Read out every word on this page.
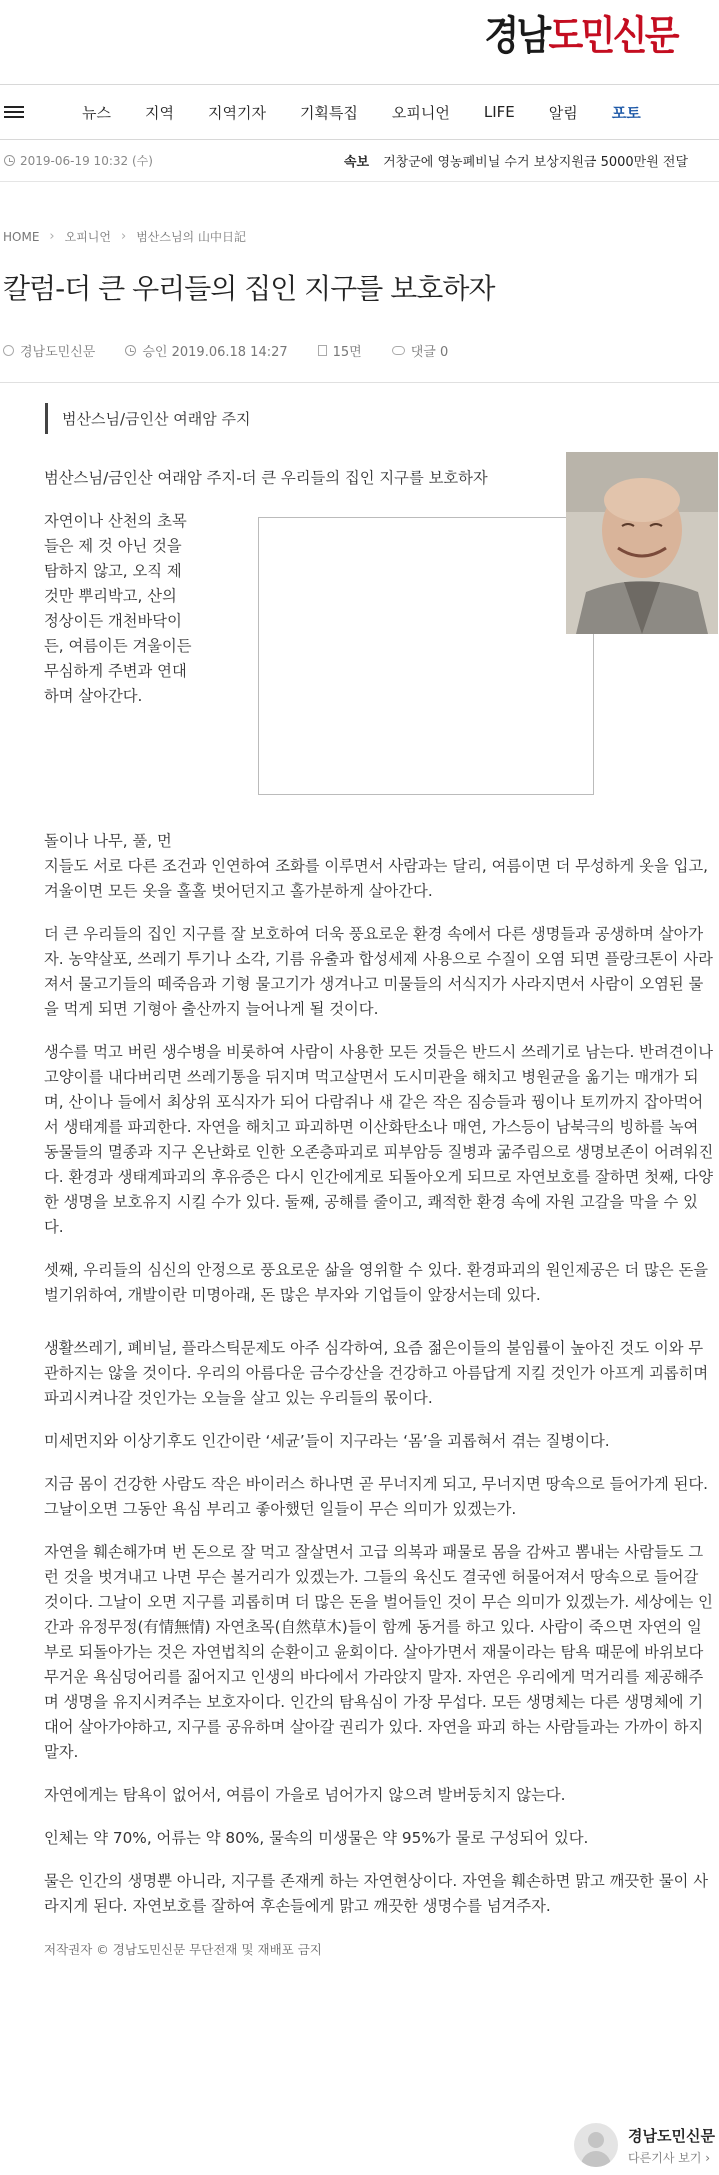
경남도민신문
뉴스	지역	지역기자	기획특집	오피니언	LIFE	알림	포토
2019-06-19 10:32 (수)	속보 거창군에 영농폐비닐 수거 보상지원금 5000만원 전달
HOME › 오피니언 › 범산스님의 山中日記
칼럼-더 큰 우리들의 집인 지구를 보호하자
경남도민신문	승인 2019.06.18 14:27	15면	댓글 0
범산스님/금인산 여래암 주지
범산스님/금인산 여래암 주지-더 큰 우리들의 집인 지구를 보호하자
자연이나 산천의 초목들은 제 것 아닌 것을 탐하지 않고, 오직 제 것만 뿌리박고, 산의 정상이든 개천바닥이든, 여름이든 겨울이든 무심하게 주변과 연대하며 살아간다.
돌이나 나무, 풀, 먼
지들도 서로 다른 조건과 인연하여 조화를 이루면서 사람과는 달리, 여름이면 더 무성하게 옷을 입고, 겨울이면 모든 옷을 홀홀 벗어던지고 홀가분하게 살아간다.

더 큰 우리들의 집인 지구를 잘 보호하여 더욱 풍요로운 환경 속에서 다른 생명들과 공생하며 살아가자. 농약살포, 쓰레기 투기나 소각, 기름 유출과 합성세제 사용으로 수질이 오염 되면 플랑크톤이 사라져서 물고기들의 떼죽음과 기형 물고기가 생겨나고 미물들의 서식지가 사라지면서 사람이 오염된 물을 먹게 되면 기형아 출산까지 늘어나게 될 것이다.

생수를 먹고 버린 생수병을 비롯하여 사람이 사용한 모든 것들은 반드시 쓰레기로 남는다. 반려견이나 고양이를 내다버리면 쓰레기통을 뒤지며 먹고살면서 도시미관을 해치고 병원균을 옮기는 매개가 되며, 산이나 들에서 최상위 포식자가 되어 다람쥐나 새 같은 작은 짐승들과 꿩이나 토끼까지 잡아먹어서 생태계를 파괴한다. 자연을 해치고 파괴하면 이산화탄소나 매연, 가스등이 남북극의 빙하를 녹여 동물들의 멸종과 지구 온난화로 인한 오존층파괴로 피부암등 질병과 굶주림으로 생명보존이 어려워진다. 환경과 생태계파괴의 후유증은 다시 인간에게로 되돌아오게 되므로 자연보호를 잘하면 첫째, 다양한 생명을 보호유지 시킬 수가 있다. 둘째, 공해를 줄이고, 쾌적한 환경 속에 자원 고갈을 막을 수 있다.

셋째, 우리들의 심신의 안정으로 풍요로운 삶을 영위할 수 있다. 환경파괴의 원인제공은 더 많은 돈을 벌기위하여, 개발이란 미명아래, 돈 많은 부자와 기업들이 앞장서는데 있다.

생활쓰레기, 폐비닐, 플라스틱문제도 아주 심각하여, 요즘 젊은이들의 불임률이 높아진 것도 이와 무관하지는 않을 것이다. 우리의 아름다운 금수강산을 건강하고 아름답게 지킬 것인가 아프게 괴롭히며 파괴시켜나갈 것인가는 오늘을 살고 있는 우리들의 몫이다.

미세먼지와 이상기후도 인간이란 ‘세균’들이 지구라는 ‘몸’을 괴롭혀서 겪는 질병이다.

지금 몸이 건강한 사람도 작은 바이러스 하나면 곧 무너지게 되고, 무너지면 땅속으로 들어가게 된다. 그날이오면 그동안 욕심 부리고 좋아했던 일들이 무슨 의미가 있겠는가.

자연을 훼손해가며 번 돈으로 잘 먹고 잘살면서 고급 의복과 패물로 몸을 감싸고 뽐내는 사람들도 그런 것을 벗겨내고 나면 무슨 볼거리가 있겠는가. 그들의 육신도 결국엔 허물어져서 땅속으로 들어갈 것이다. 그날이 오면 지구를 괴롭히며 더 많은 돈을 벌어들인 것이 무슨 의미가 있겠는가. 세상에는 인간과 유정무정(有情無情) 자연초목(自然草木)들이 함께 동거를 하고 있다. 사람이 죽으면 자연의 일부로 되돌아가는 것은 자연법칙의 순환이고 윤회이다. 살아가면서 재물이라는 탐욕 때문에 바위보다 무거운 욕심덩어리를 짊어지고 인생의 바다에서 가라앉지 말자. 자연은 우리에게 먹거리를 제공해주며 생명을 유지시켜주는 보호자이다. 인간의 탐욕심이 가장 무섭다. 모든 생명체는 다른 생명체에 기대어 살아가야하고, 지구를 공유하며 살아갈 권리가 있다. 자연을 파괴 하는 사람들과는 가까이 하지말자.

자연에게는 탐욕이 없어서, 여름이 가을로 넘어가지 않으려 발버둥치지 않는다.

인체는 약 70%, 어류는 약 80%, 물속의 미생물은 약 95%가 물로 구성되어 있다.

물은 인간의 생명뿐 아니라, 지구를 존재케 하는 자연현상이다. 자연을 훼손하면 맑고 깨끗한 물이 사라지게 된다. 자연보호를 잘하여 후손들에게 맑고 깨끗한 생명수를 넘겨주자.

저작권자 © 경남도민신문 무단전재 및 재배포 금지
경남도민신문
다른기사 보기 ›
